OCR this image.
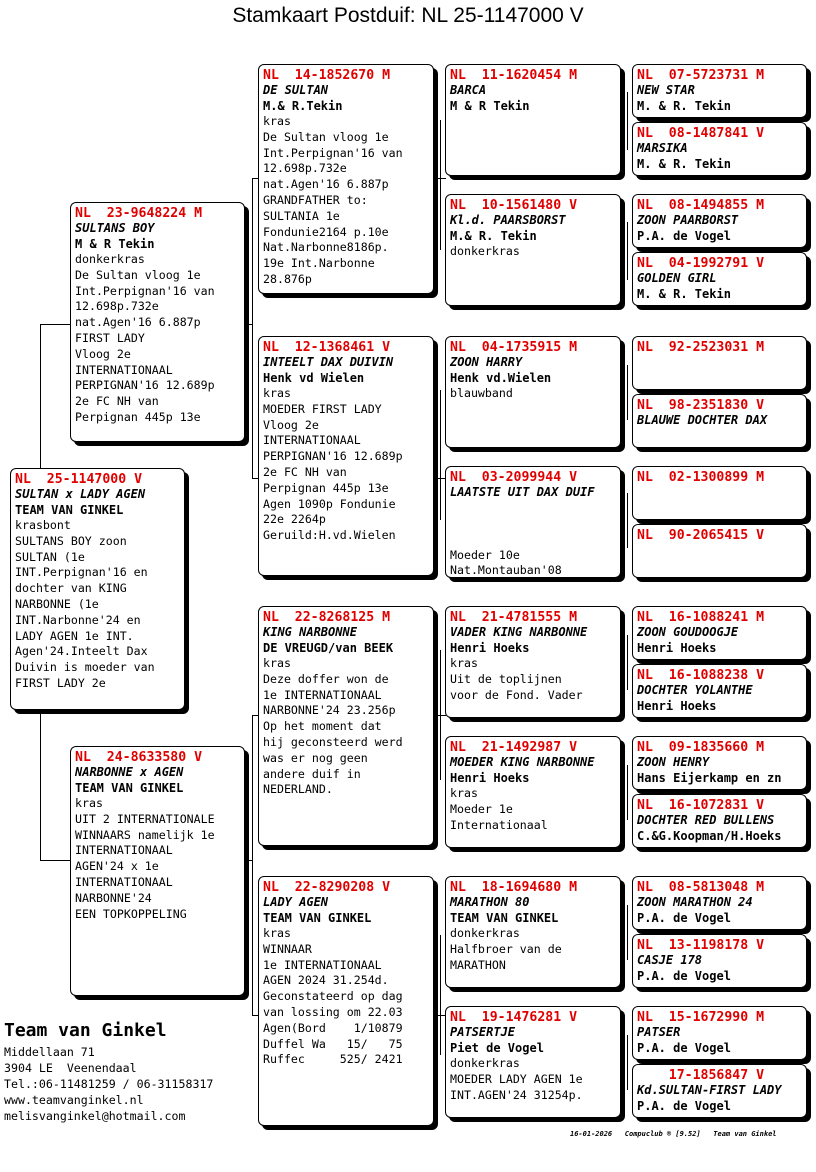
Stamkaart Postduif: NL 25-1147000 V
NL  25-1147000 V
SULTAN x LADY AGEN
TEAM VAN GINKEL
krasbont
SULTANS BOY zoon
SULTAN (1e
INT.Perpignan'16 en
dochter van KING
NARBONNE (1e
INT.Narbonne'24 en
LADY AGEN 1e INT.
Agen'24.Inteelt Dax
Duivin is moeder van
FIRST LADY 2e
NL  23-9648224 M
SULTANS BOY
M & R Tekin
donkerkras
De Sultan vloog 1e
Int.Perpignan'16 van
12.698p.732e
nat.Agen'16 6.887p
FIRST LADY
Vloog 2e
INTERNATIONAAL
PERPIGNAN'16 12.689p
2e FC NH van
Perpignan 445p 13e
NL  24-8633580 V
NARBONNE x AGEN
TEAM VAN GINKEL
kras
UIT 2 INTERNATIONALE
WINNAARS namelijk 1e
INTERNATIONAAL
AGEN'24 x 1e
INTERNATIONAAL
NARBONNE'24
EEN TOPKOPPELING
NL  14-1852670 M
DE SULTAN
M.& R.Tekin
kras
De Sultan vloog 1e
Int.Perpignan'16 van
12.698p.732e
nat.Agen'16 6.887p
GRANDFATHER to:
SULTANIA 1e
Fondunie2164 p.10e
Nat.Narbonne8186p.
19e Int.Narbonne
28.876p
NL  12-1368461 V
INTEELT DAX DUIVIN
Henk vd Wielen
kras
MOEDER FIRST LADY
Vloog 2e
INTERNATIONAAL
PERPIGNAN'16 12.689p
2e FC NH van
Perpignan 445p 13e
Agen 1090p Fondunie
22e 2264p
Geruild:H.vd.Wielen
NL  22-8268125 M
KING NARBONNE
DE VREUGD/van BEEK
kras
Deze doffer won de
1e INTERNATIONAAL
NARBONNE'24 23.256p
Op het moment dat
hij geconsteerd werd
was er nog geen
andere duif in
NEDERLAND.
NL  22-8290208 V
LADY AGEN
TEAM VAN GINKEL
kras
WINNAAR
1e INTERNATIONAAL
AGEN 2024 31.254d.
Geconstateerd op dag
van lossing om 22.03
Agen(Bord    1/10879
Duffel Wa   15/   75
Ruffec     525/ 2421
NL  11-1620454 M
BARCA
M & R Tekin
NL  10-1561480 V
Kl.d. PAARSBORST
M.& R. Tekin
donkerkras
NL  04-1735915 M
ZOON HARRY
Henk vd.Wielen
blauwband
NL  03-2099944 V
LAATSTE UIT DAX DUIF

Moeder 10e
Nat.Montauban'08
NL  21-4781555 M
VADER KING NARBONNE
Henri Hoeks
kras
Uit de toplijnen
voor de Fond. Vader
NL  21-1492987 V
MOEDER KING NARBONNE
Henri Hoeks
kras
Moeder 1e
Internationaal
NL  18-1694680 M
MARATHON 80
TEAM VAN GINKEL
donkerkras
Halfbroer van de
MARATHON
NL  19-1476281 V
PATSERTJE
Piet de Vogel
donkerkras
MOEDER LADY AGEN 1e
INT.AGEN'24 31254p.
NL  07-5723731 M
NEW STAR
M. & R. Tekin
NL  08-1487841 V
MARSIKA
M. & R. Tekin
NL  08-1494855 M
ZOON PAARBORST
P.A. de Vogel
NL  04-1992791 V
GOLDEN GIRL
M. & R. Tekin
NL  92-2523031 M

NL  98-2351830 V
BLAUWE DOCHTER DAX

NL  02-1300899 M

NL  90-2065415 V

NL  16-1088241 M
ZOON GOUDOOGJE
Henri Hoeks
NL  16-1088238 V
DOCHTER YOLANTHE
Henri Hoeks
NL  09-1835660 M
ZOON HENRY
Hans Eijerkamp en zn
NL  16-1072831 V
DOCHTER RED BULLENS
C.&G.Koopman/H.Hoeks
NL  08-5813048 M
ZOON MARATHON 24
P.A. de Vogel
NL  13-1198178 V
CASJE 178
P.A. de Vogel
NL  15-1672990 M
PATSER
P.A. de Vogel
17-1856847 V
Kd.SULTAN-FIRST LADY
P.A. de Vogel
Team van Ginkel
Middellaan 71
3904 LE  Veenendaal
Tel.:06-11481259 / 06-31158317
www.teamvanginkel.nl
melisvanginkel@hotmail.com
16-01-2026   Compuclub ® [9.52]   Team van Ginkel
